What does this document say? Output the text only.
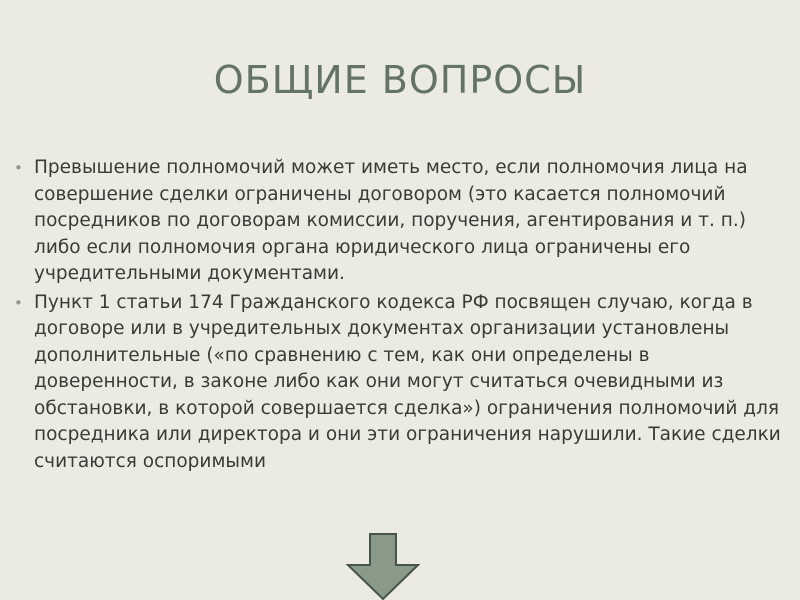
ОБЩИЕ ВОПРОСЫ
• Превышение полномочий может иметь место, если полномочия лица на совершение сделки ограничены договором (это касается полномочий посредников по договорам комиссии, поручения, агентирования и т. п.) либо если полномочия органа юридического лица ограничены его учредительными документами.
• Пункт 1 статьи 174 Гражданского кодекса РФ посвящен случаю, когда в договоре или в учредительных документах организации установлены дополнительные («по сравнению с тем, как они определены в доверенности, в законе либо как они могут считаться очевидными из обстановки, в которой совершается сделка») ограничения полномочий для посредника или директора и они эти ограничения нарушили. Такие сделки считаются оспоримыми
